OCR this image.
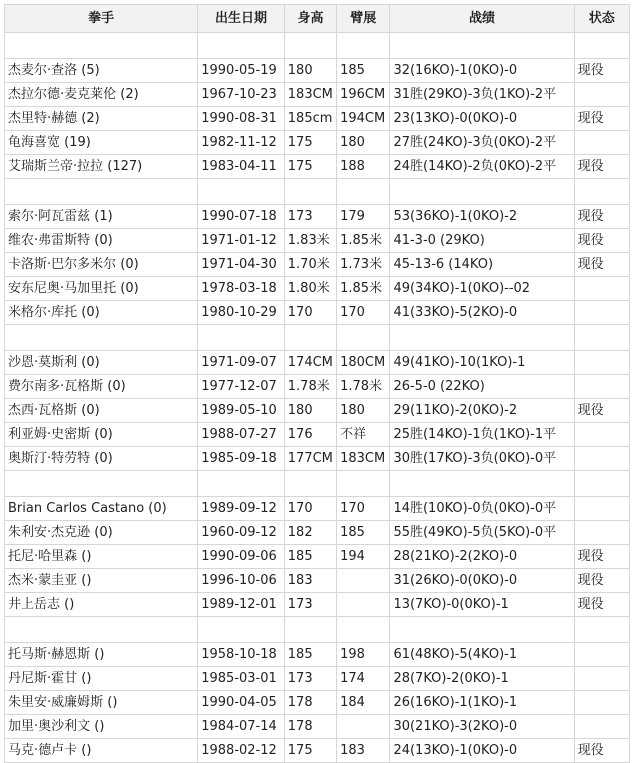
拳手	出生日期	身高	臂展	战绩	状态

杰麦尔·查洛 (5)	1990-05-19	180	185	32(16KO)-1(0KO)-0	现役
杰拉尔德·麦克莱伦 (2)	1967-10-23	183CM	196CM	31胜(29KO)-3负(1KO)-2平	
杰里特·赫德 (2)	1990-08-31	185cm	194CM	23(13KO)-0(0KO)-0	现役
龟海喜宽 (19)	1982-11-12	175	180	27胜(24KO)-3负(0KO)-2平	
艾瑞斯兰帝·拉拉 (127)	1983-04-11	175	188	24胜(14KO)-2负(0KO)-2平	现役

索尔·阿瓦雷兹 (1)	1990-07-18	173	179	53(36KO)-1(0KO)-2	现役
维农·弗雷斯特 (0)	1971-01-12	1.83米	1.85米	41-3-0 (29KO)	现役
卡洛斯·巴尔多米尔 (0)	1971-04-30	1.70米	1.73米	45-13-6 (14KO)	现役
安东尼奥·马加里托 (0)	1978-03-18	1.80米	1.85米	49(34KO)-1(0KO)--02	
米格尔·库托 (0)	1980-10-29	170	170	41(33KO)-5(2KO)-0	

沙恩·莫斯利 (0)	1971-09-07	174CM	180CM	49(41KO)-10(1KO)-1	
费尔南多·瓦格斯 (0)	1977-12-07	1.78米	1.78米	26-5-0 (22KO)	
杰西·瓦格斯 (0)	1989-05-10	180	180	29(11KO)-2(0KO)-2	现役
利亚姆·史密斯 (0)	1988-07-27	176	不祥	25胜(14KO)-1负(1KO)-1平	
奥斯汀·特劳特 (0)	1985-09-18	177CM	183CM	30胜(17KO)-3负(0KO)-0平	

Brian Carlos Castano (0)	1989-09-12	170	170	14胜(10KO)-0负(0KO)-0平	
朱利安·杰克逊 (0)	1960-09-12	182	185	55胜(49KO)-5负(5KO)-0平	
托尼·哈里森 ()	1990-09-06	185	194	28(21KO)-2(2KO)-0	现役
杰米·蒙圭亚 ()	1996-10-06	183		31(26KO)-0(0KO)-0	现役
井上岳志 ()	1989-12-01	173		13(7KO)-0(0KO)-1	现役

托马斯·赫恩斯 ()	1958-10-18	185	198	61(48KO)-5(4KO)-1	
丹尼斯·霍甘 ()	1985-03-01	173	174	28(7KO)-2(0KO)-1	
朱里安·威廉姆斯 ()	1990-04-05	178	184	26(16KO)-1(1KO)-1	
加里·奥沙利文 ()	1984-07-14	178		30(21KO)-3(2KO)-0	
马克·德卢卡 ()	1988-02-12	175	183	24(13KO)-1(0KO)-0	现役
